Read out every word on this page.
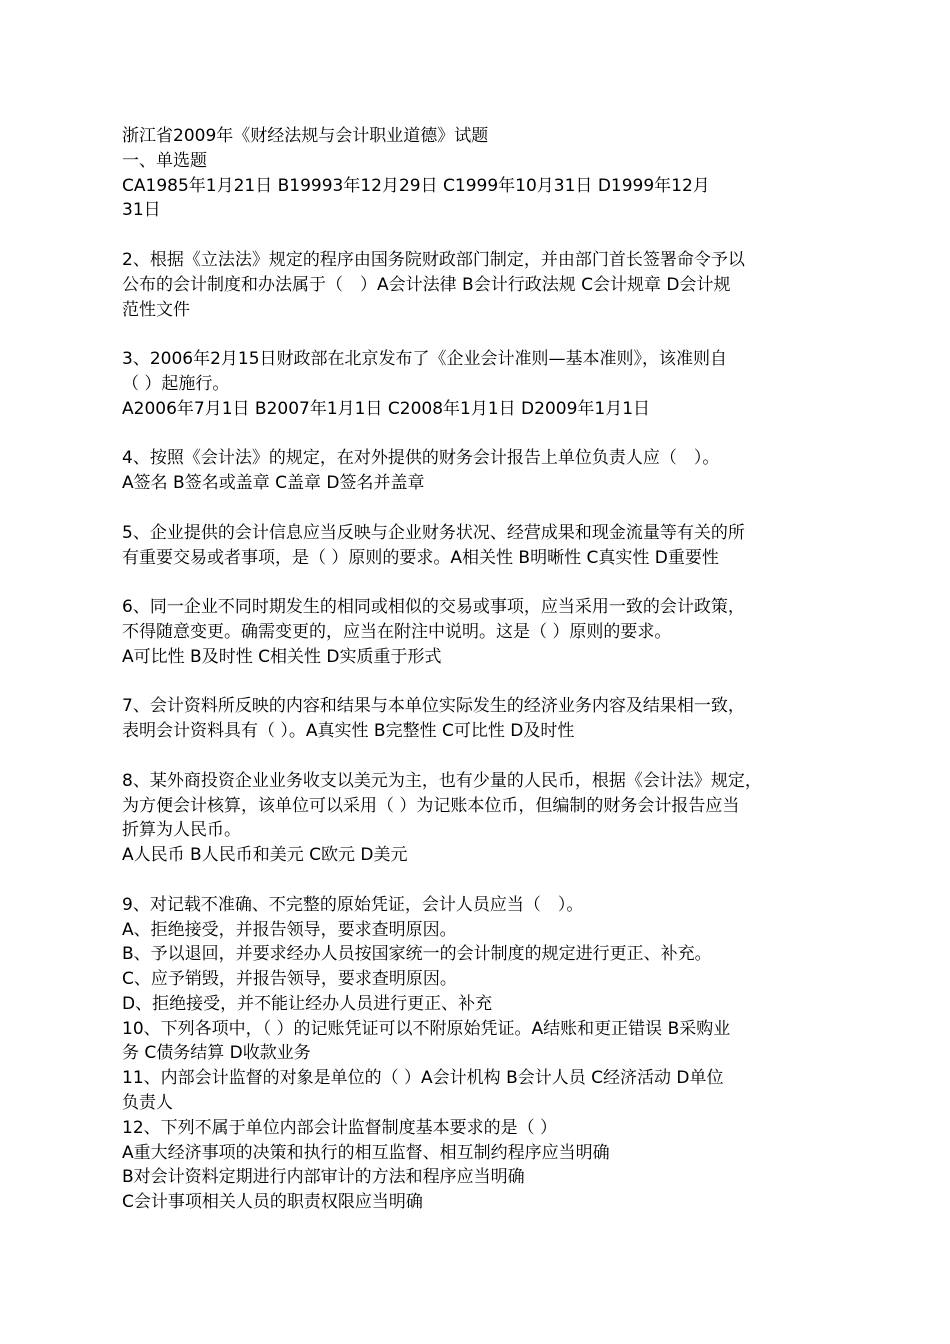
浙江省2009年《财经法规与会计职业道德》试题
一、单选题
CA1985年1月21日 B19993年12月29日 C1999年10月31日 D1999年12月
31日
2、根据《立法法》规定的程序由国务院财政部门制定，并由部门首长签署命令予以
公布的会计制度和办法属于（　）A会计法律 B会计行政法规 C会计规章 D会计规
范性文件
3、2006年2月15日财政部在北京发布了《企业会计准则—基本准则》，该准则自
（ ）起施行。
A2006年7月1日 B2007年1月1日 C2008年1月1日 D2009年1月1日
4、按照《会计法》的规定，在对外提供的财务会计报告上单位负责人应（　）。
A签名 B签名或盖章 C盖章 D签名并盖章
5、企业提供的会计信息应当反映与企业财务状况、经营成果和现金流量等有关的所
有重要交易或者事项，是（ ）原则的要求。A相关性 B明晰性 C真实性 D重要性
6、同一企业不同时期发生的相同或相似的交易或事项，应当采用一致的会计政策，
不得随意变更。确需变更的，应当在附注中说明。这是（ ）原则的要求。
A可比性 B及时性 C相关性 D实质重于形式
7、会计资料所反映的内容和结果与本单位实际发生的经济业务内容及结果相一致，
表明会计资料具有（ ）。A真实性 B完整性 C可比性 D及时性
8、某外商投资企业业务收支以美元为主，也有少量的人民币，根据《会计法》规定，
为方便会计核算，该单位可以采用（ ）为记账本位币，但编制的财务会计报告应当
折算为人民币。
A人民币 B人民币和美元 C欧元 D美元
9、对记载不准确、不完整的原始凭证，会计人员应当（　）。
A、拒绝接受，并报告领导，要求查明原因。
B、予以退回，并要求经办人员按国家统一的会计制度的规定进行更正、补充。
C、应予销毁，并报告领导，要求查明原因。
D、拒绝接受，并不能让经办人员进行更正、补充
10、下列各项中，（ ）的记账凭证可以不附原始凭证。A结账和更正错误 B采购业
务 C债务结算 D收款业务
11、内部会计监督的对象是单位的（ ）A会计机构 B会计人员 C经济活动 D单位
负责人
12、下列不属于单位内部会计监督制度基本要求的是（ ）
A重大经济事项的决策和执行的相互监督、相互制约程序应当明确
B对会计资料定期进行内部审计的方法和程序应当明确
C会计事项相关人员的职责权限应当明确
